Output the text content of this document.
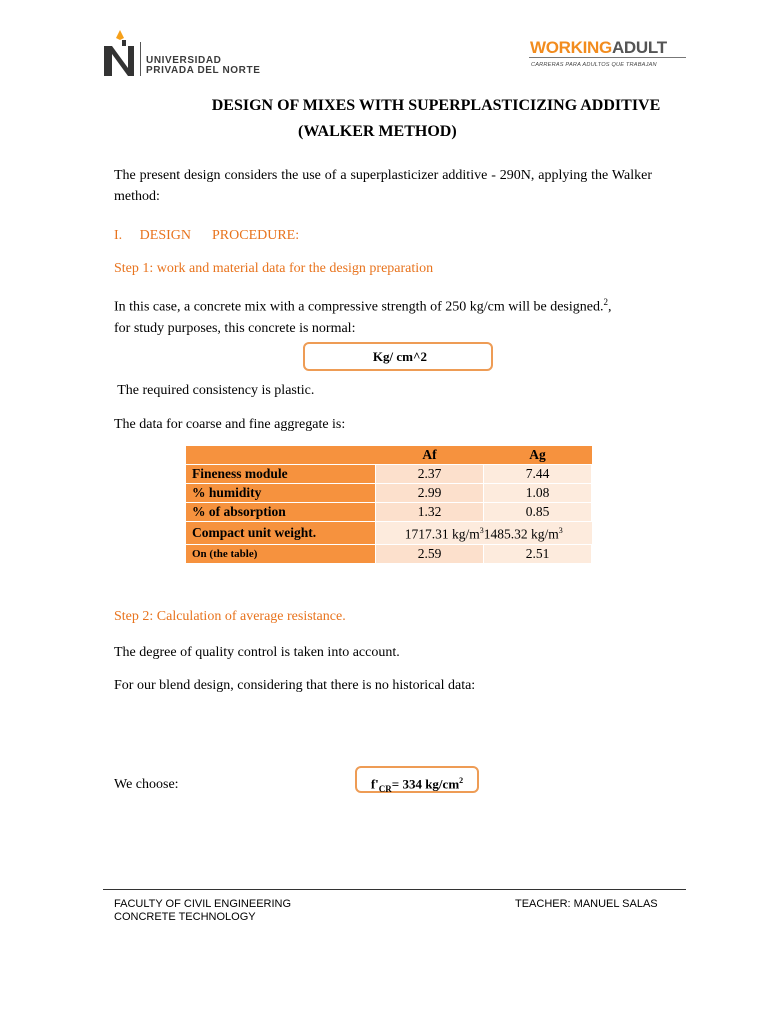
UNIVERSIDAD
PRIVADA DEL NORTE
WORKINGADULT
CARRERAS PARA ADULTOS QUE TRABAJAN
DESIGN OF MIXES WITH SUPERPLASTICIZING ADDITIVE
(WALKER METHOD)
The present design considers the use of a superplasticizer additive - 290N, applying the Walker method:
I.     DESIGN      PROCEDURE:
Step 1: work and material data for the design preparation
In this case, a concrete mix with a compressive strength of 250 kg/cm will be designed.$^2$,
for study purposes, this concrete is normal:
Kg/ cm^2
The required consistency is plastic.
The data for coarse and fine aggregate is:
	Af	Ag
Fineness module	2.37	7.44
% humidity	2.99	1.08
% of absorption	1.32	0.85
Compact unit weight.	1717.31 $kg/m^31485.32$ $kg/m^3$
On (the table)	2.59	2.51
Step 2: Calculation of average resistance.
The degree of quality control is taken into account.
For our blend design, considering that there is no historical data:
We choose:	$f'_{CR}= 334$ $kg/cm^2$
FACULTY OF CIVIL ENGINEERING
CONCRETE TECHNOLOGY
TEACHER: MANUEL SALAS
